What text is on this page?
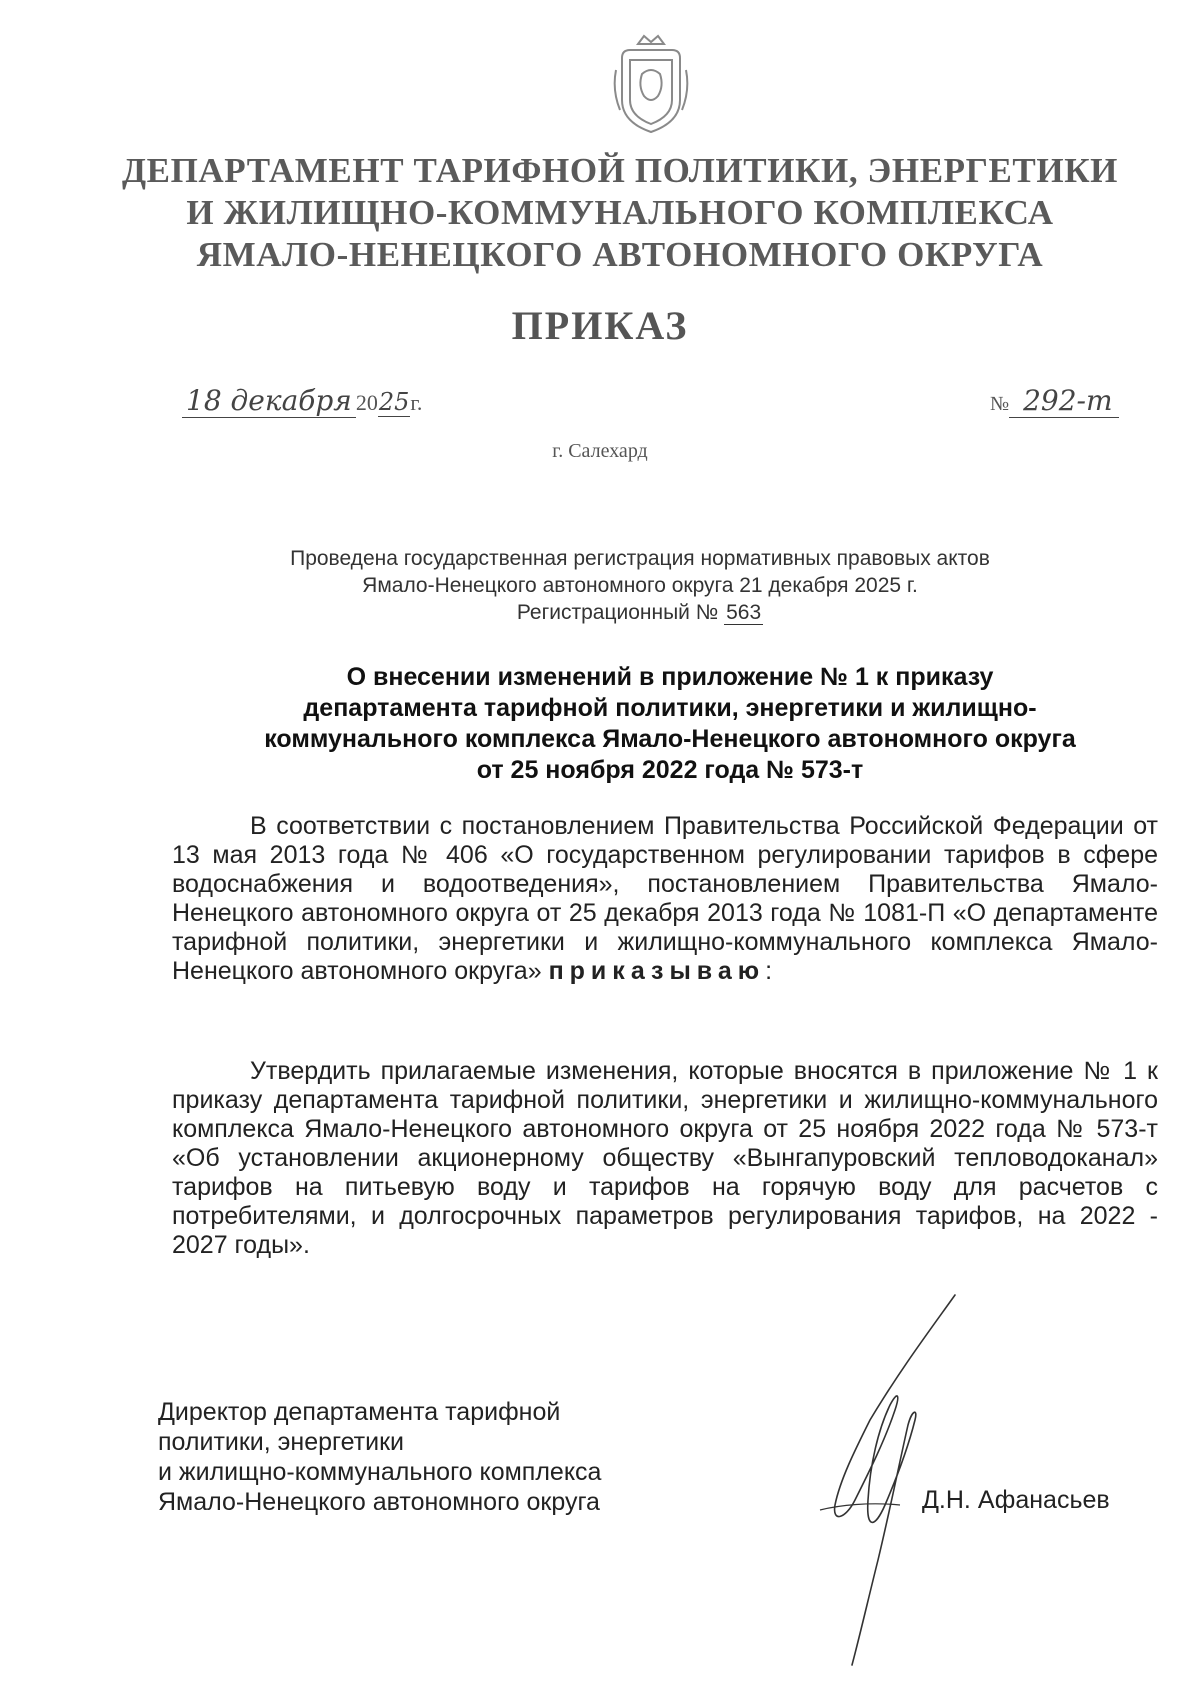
ДЕПАРТАМЕНТ ТАРИФНОЙ ПОЛИТИКИ, ЭНЕРГЕТИКИ
И ЖИЛИЩНО-КОММУНАЛЬНОГО КОМПЛЕКСА
ЯМАЛО-НЕНЕЦКОГО АВТОНОМНОГО ОКРУГА
ПРИКАЗ
18 декабря 2025г.	№ 292-т
г. Салехард
Проведена государственная регистрация нормативных правовых актов
Ямало-Ненецкого автономного округа 21 декабря 2025 г.
Регистрационный № 563
О внесении изменений в приложение № 1 к приказу
департамента тарифной политики, энергетики и жилищно-
коммунального комплекса Ямало-Ненецкого автономного округа
от 25 ноября 2022 года № 573-т
В соответствии с постановлением Правительства Российской Федерации от 13 мая 2013 года № 406 «О государственном регулировании тарифов в сфере водоснабжения и водоотведения», постановлением Правительства Ямало-Ненецкого автономного округа от 25 декабря 2013 года № 1081-П «О департаменте тарифной политики, энергетики и жилищно-коммунального комплекса Ямало-Ненецкого автономного округа» приказываю:
Утвердить прилагаемые изменения, которые вносятся в приложение № 1 к приказу департамента тарифной политики, энергетики и жилищно-коммунального комплекса Ямало-Ненецкого автономного округа от 25 ноября 2022 года № 573-т «Об установлении акционерному обществу «Вынгапуровский тепловодоканал» тарифов на питьевую воду и тарифов на горячую воду для расчетов с потребителями, и долгосрочных параметров регулирования тарифов, на 2022 - 2027 годы».
Директор департамента тарифной
политики, энергетики
и жилищно-коммунального комплекса
Ямало-Ненецкого автономного округа	Д.Н. Афанасьев
